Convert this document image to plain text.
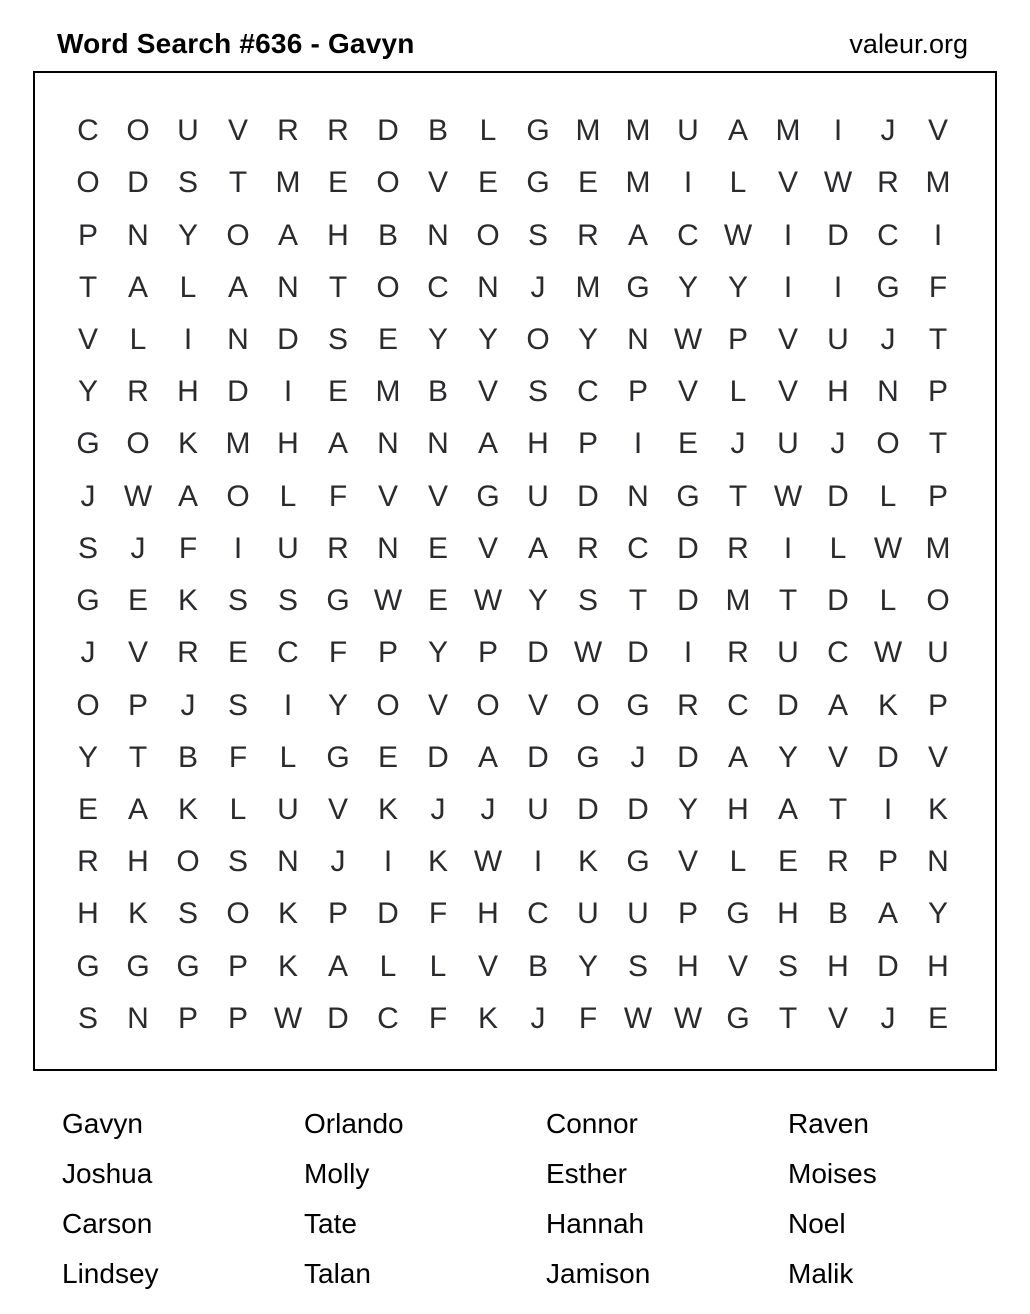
Word Search #636 - Gavyn	valeur.org
C O U V R R D B	L G M M U A M	I	J	V
O D S	T M E O V E G E M	I	L	V W R M
P N Y O A H B N O S R A C W	I	D C	I
T	A	L	A N	T O C N	J	M G Y Y	I	I	G F
V	L	I	N D S E Y Y O Y N W P V U	J	T
Y R H D	I	E M B V S C P V	L	V H N P
G O K M H A N N A H P	I	E	J	U	J	O T
J W A O L	F	V V G U D N G T W D	L	P
S	J	F	I	U R N E V A R C D R	I	L W M
G E K S S G W E W Y S	T	D M T	D	L O
J	V R E C	F	P Y P D W D	I	R U C W U
O P	J	S	I	Y O V O V O G R C D A K P
Y	T	B	F	L G E D A D G	J	D A Y V D V
E A K	L	U V K	J	J	U D D Y H A	T	I	K
R H O S N	J	I	K W	I	K G V	L	E R P N
H K S O K P D	F	H C U U P G H B A Y
G G G P K A	L	L	V B Y S H V S H D H
S N P P W D C	F	K	J	F W W G T	V	J	E
Gavyn
Joshua
Carson
Lindsey
Orlando
Molly
Tate
Talan
Connor
Esther
Hannah
Jamison
Raven
Moises
Noel
Malik
